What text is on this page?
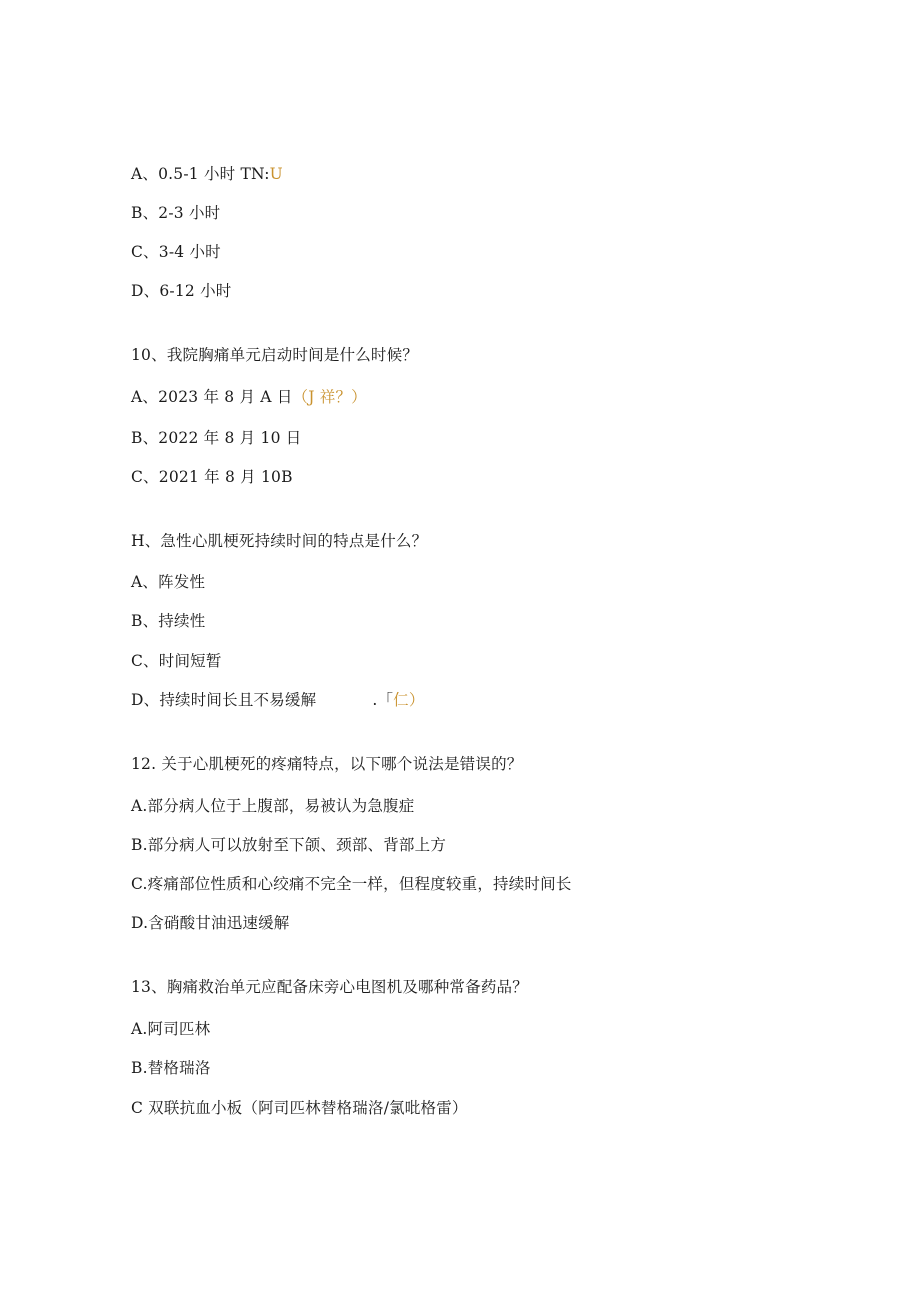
A、0.5-1 小时 TN:U
B、2-3 小时
C、3-4 小时
D、6-12 小时
10、我院胸痛单元启动时间是什么时候？
A、2023 年 8 月 A 日（J 祥？）
B、2022 年 8 月 10 日
C、2021 年 8 月 10B
H、急性心肌梗死持续时间的特点是什么？
A、阵发性
B、持续性
C、时间短暂
D、持续时间长且不易缓解	.「仁）
12. 关于心肌梗死的疼痛特点，以下哪个说法是错误的？
A.部分病人位于上腹部，易被认为急腹症
B.部分病人可以放射至下颌、颈部、背部上方
C.疼痛部位性质和心绞痛不完全一样，但程度较重，持续时间长
D.含硝酸甘油迅速缓解
13、胸痛救治单元应配备床旁心电图机及哪种常备药品？
A.阿司匹林
B.替格瑞洛
C 双联抗血小板（阿司匹林替格瑞洛/氯吡格雷）
